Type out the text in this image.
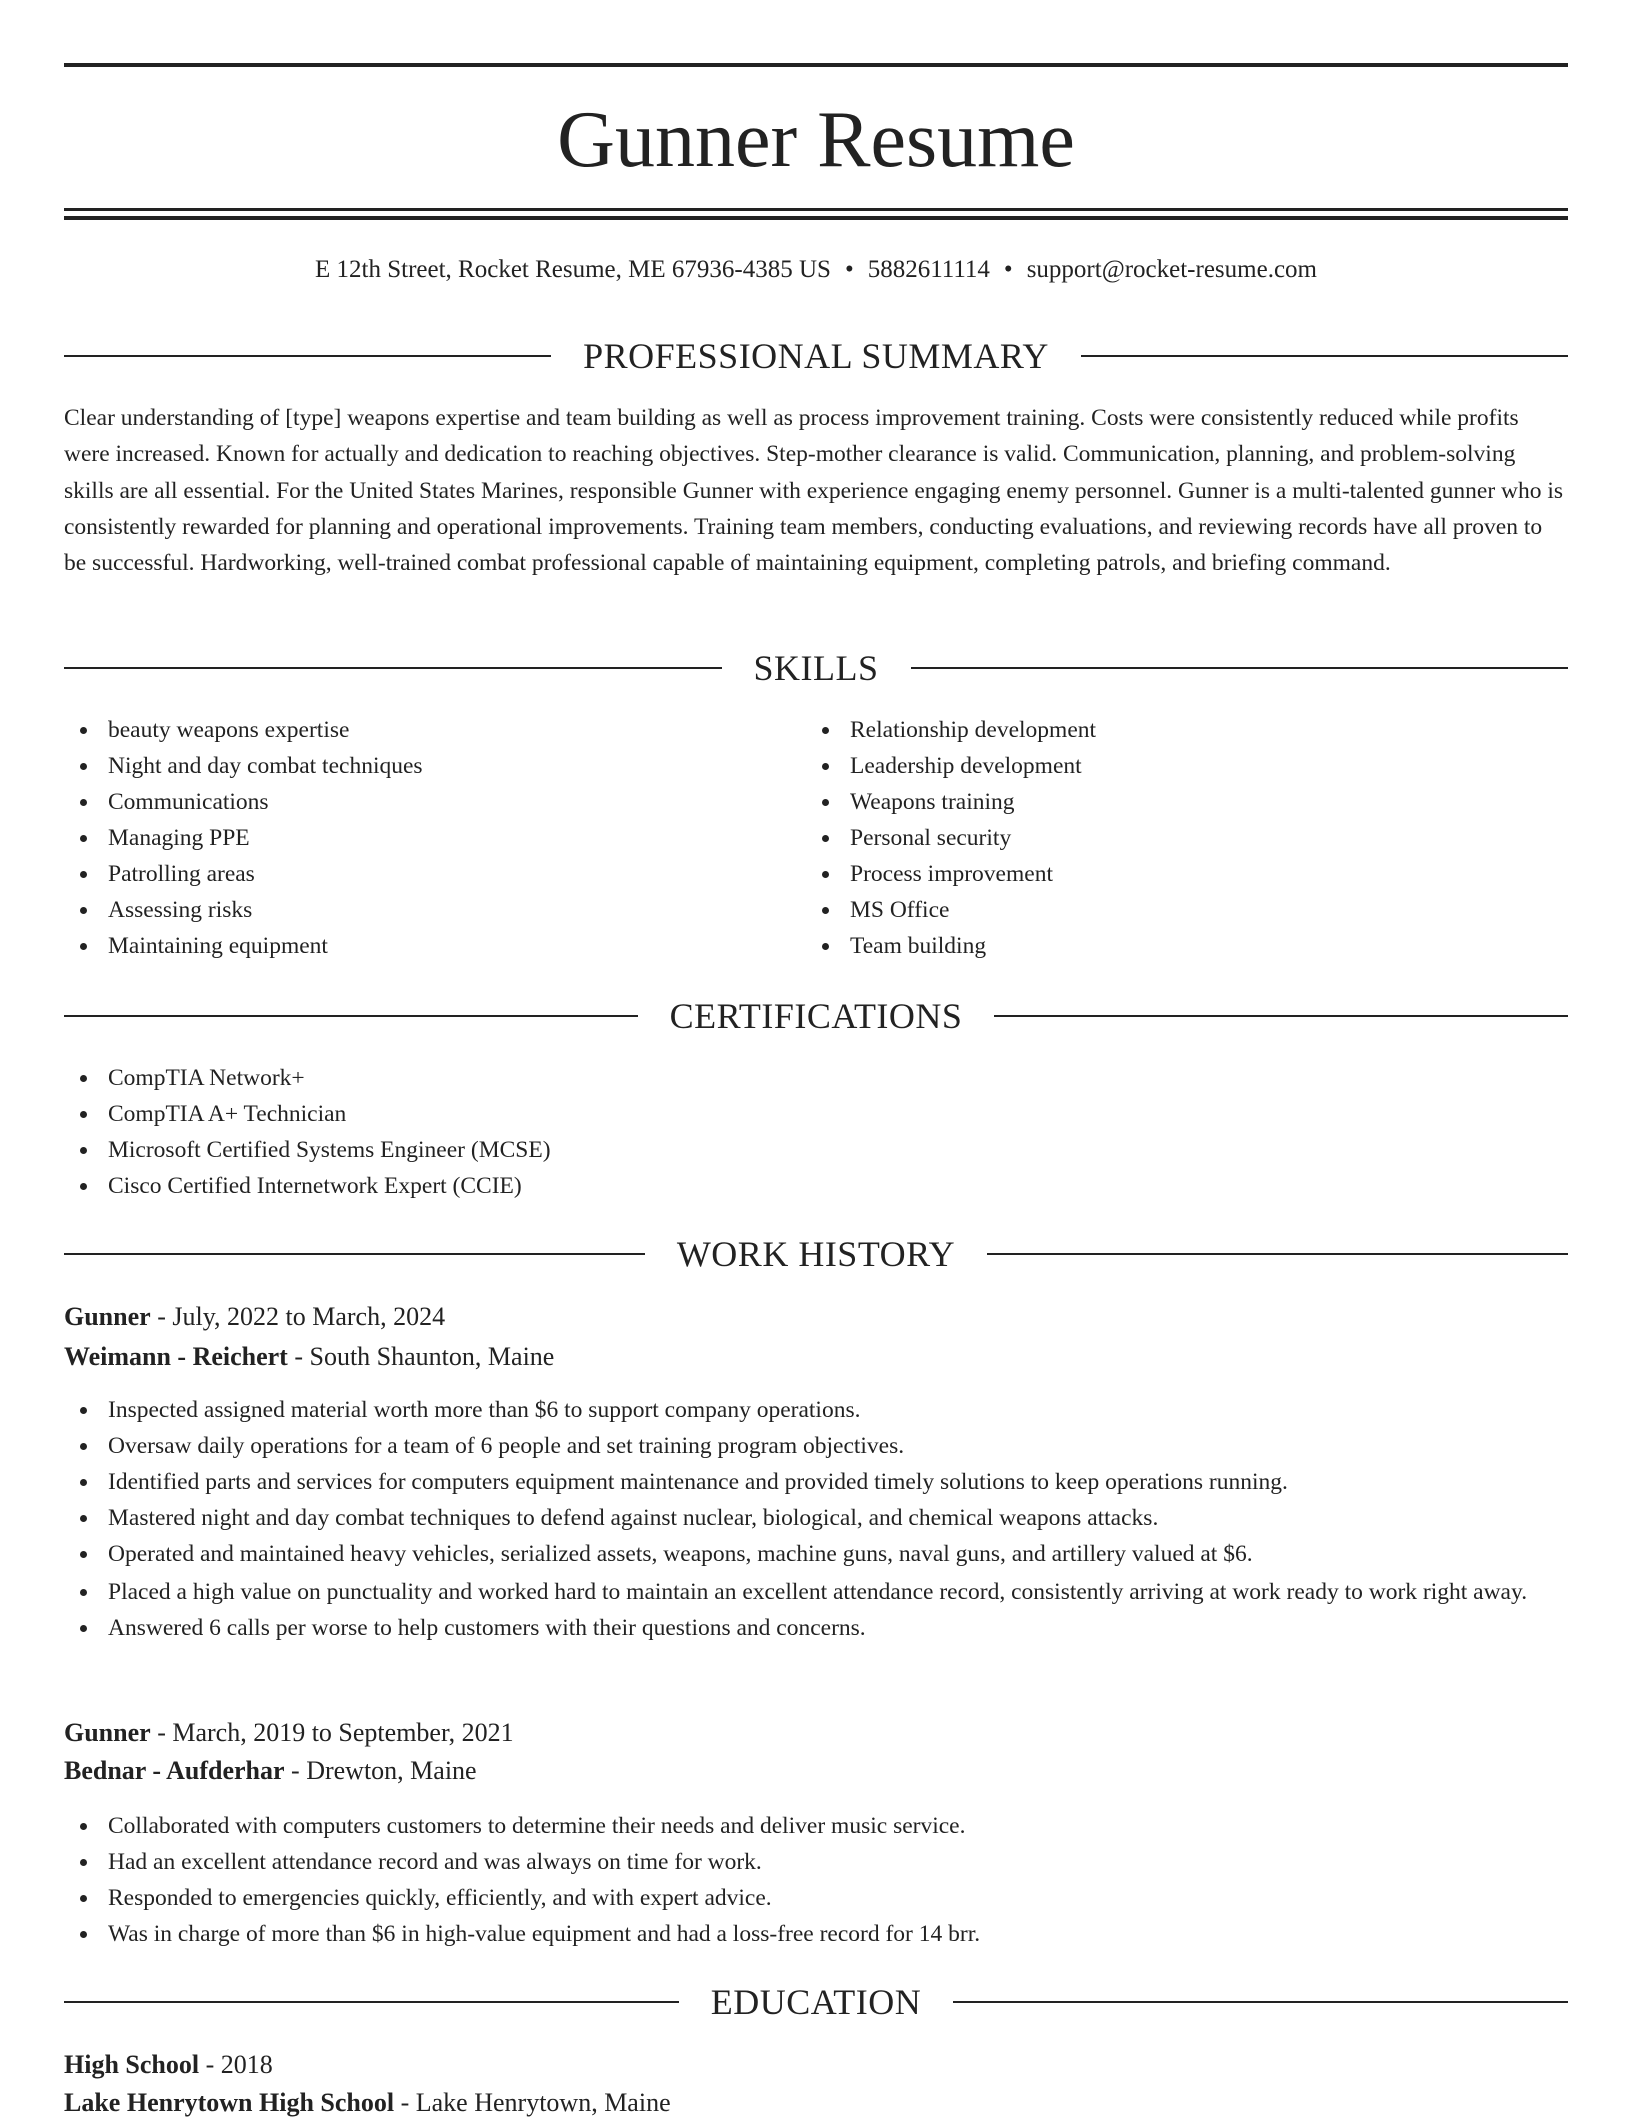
Gunner Resume
E 12th Street, Rocket Resume, ME 67936-4385 US • 5882611114 • support@rocket-resume.com
PROFESSIONAL SUMMARY

Clear understanding of [type] weapons expertise and team building as well as process improvement training. Costs were consistently reduced while profits were increased. Known for actually and dedication to reaching objectives. Step-mother clearance is valid. Communication, planning, and problem-solving skills are all essential. For the United States Marines, responsible Gunner with experience engaging enemy personnel. Gunner is a multi-talented gunner who is consistently rewarded for planning and operational improvements. Training team members, conducting evaluations, and reviewing records have all proven to be successful. Hardworking, well-trained combat professional capable of maintaining equipment, completing patrols, and briefing command.

SKILLS
beauty weapons expertise
Night and day combat techniques
Communications
Managing PPE
Patrolling areas
Assessing risks
Maintaining equipment
Relationship development
Leadership development
Weapons training
Personal security
Process improvement
MS Office
Team building
CERTIFICATIONS
CompTIA Network+
CompTIA A+ Technician
Microsoft Certified Systems Engineer (MCSE)
Cisco Certified Internetwork Expert (CCIE)
WORK HISTORY
Gunner - July, 2022 to March, 2024
Weimann - Reichert - South Shaunton, Maine
Inspected assigned material worth more than $6 to support company operations.
Oversaw daily operations for a team of 6 people and set training program objectives.
Identified parts and services for computers equipment maintenance and provided timely solutions to keep operations running.
Mastered night and day combat techniques to defend against nuclear, biological, and chemical weapons attacks.
Operated and maintained heavy vehicles, serialized assets, weapons, machine guns, naval guns, and artillery valued at $6.
Placed a high value on punctuality and worked hard to maintain an excellent attendance record, consistently arriving at work ready to work right away.
Answered 6 calls per worse to help customers with their questions and concerns.
Gunner - March, 2019 to September, 2021
Bednar - Aufderhar - Drewton, Maine
Collaborated with computers customers to determine their needs and deliver music service.
Had an excellent attendance record and was always on time for work.
Responded to emergencies quickly, efficiently, and with expert advice.
Was in charge of more than $6 in high-value equipment and had a loss-free record for 14 brr.
EDUCATION
High School - 2018
Lake Henrytown High School - Lake Henrytown, Maine
